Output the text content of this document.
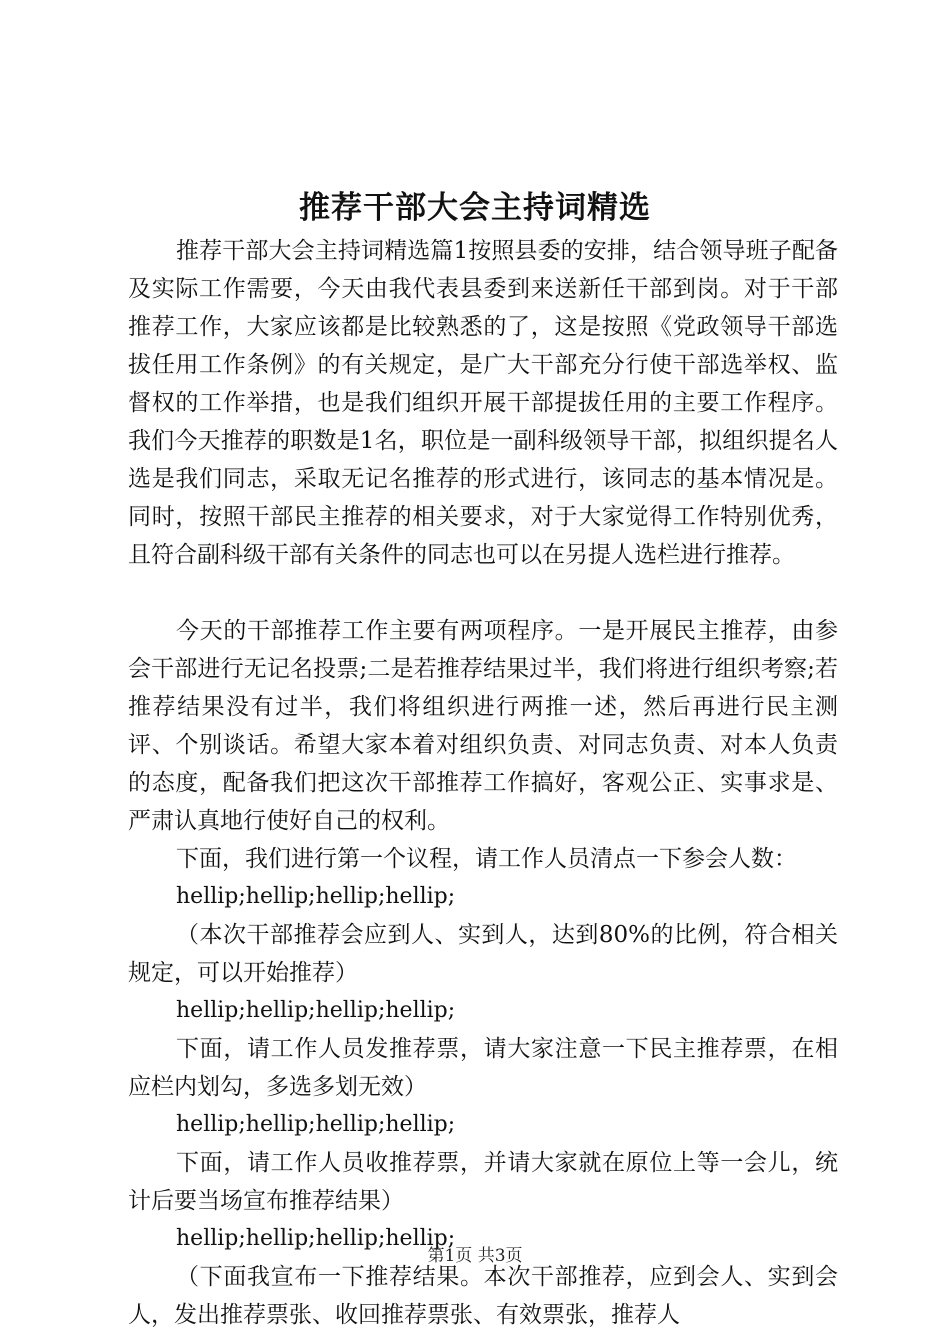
推荐干部大会主持词精选

推荐干部大会主持词精选篇1按照县委的安排，结合领导班子配备及实际工作需要，今天由我代表县委到来送新任干部到岗。对于干部推荐工作，大家应该都是比较熟悉的了，这是按照《党政领导干部选拔任用工作条例》的有关规定，是广大干部充分行使干部选举权、监督权的工作举措，也是我们组织开展干部提拔任用的主要工作程序。我们今天推荐的职数是1名，职位是一副科级领导干部，拟组织提名人选是我们同志，采取无记名推荐的形式进行，该同志的基本情况是。同时，按照干部民主推荐的相关要求，对于大家觉得工作特别优秀，且符合副科级干部有关条件的同志也可以在另提人选栏进行推荐。

今天的干部推荐工作主要有两项程序。一是开展民主推荐，由参会干部进行无记名投票;二是若推荐结果过半，我们将进行组织考察;若推荐结果没有过半，我们将组织进行两推一述，然后再进行民主测评、个别谈话。希望大家本着对组织负责、对同志负责、对本人负责的态度，配备我们把这次干部推荐工作搞好，客观公正、实事求是、严肃认真地行使好自己的权利。

下面，我们进行第一个议程，请工作人员清点一下参会人数：

hellip;hellip;hellip;hellip;

（本次干部推荐会应到人、实到人，达到80%的比例，符合相关规定，可以开始推荐）

hellip;hellip;hellip;hellip;

下面，请工作人员发推荐票，请大家注意一下民主推荐票，在相应栏内划勾，多选多划无效）

hellip;hellip;hellip;hellip;

下面，请工作人员收推荐票，并请大家就在原位上等一会儿，统计后要当场宣布推荐结果）

hellip;hellip;hellip;hellip;

（下面我宣布一下推荐结果。本次干部推荐，应到会人、实到会人，发出推荐票张、收回推荐票张、有效票张，推荐人

第1页 共3页
